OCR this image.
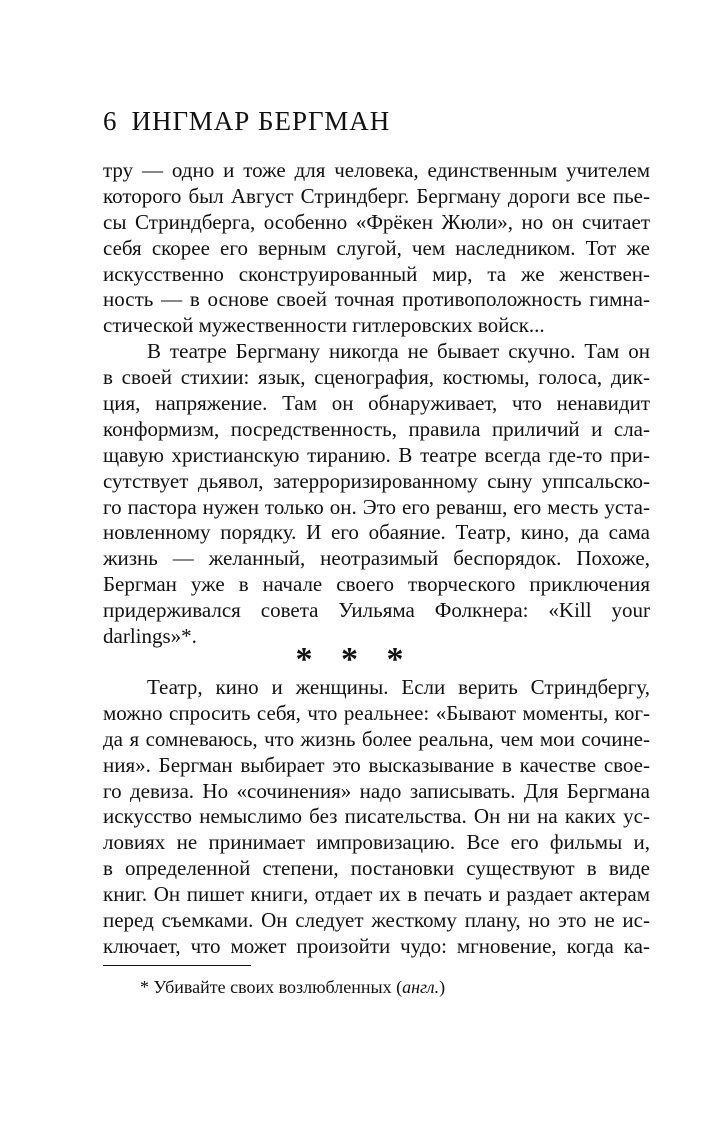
6 ИНГМАР БЕРГМАН
тру — одно и тоже для человека, единственным учителем
которого был Август Стриндберг. Бергману дороги все пье-
сы Стриндберга, особенно «Фрёкен Жюли», но он считает
себя скорее его верным слугой, чем наследником. Тот же
искусственно сконструированный мир, та же женствен-
ность — в основе своей точная противоположность гимна-
стической мужественности гитлеровских войск...
В театре Бергману никогда не бывает скучно. Там он
в своей стихии: язык, сценография, костюмы, голоса, дик-
ция, напряжение. Там он обнаруживает, что ненавидит
конформизм, посредственность, правила приличий и сла-
щавую христианскую тиранию. В театре всегда где-то при-
сутствует дьявол, затерроризированному сыну уппсальско-
го пастора нужен только он. Это его реванш, его месть уста-
новленному порядку. И его обаяние. Театр, кино, да сама
жизнь — желанный, неотразимый беспорядок. Похоже,
Бергман уже в начале своего творческого приключения
придерживался совета Уильяма Фолкнера: «Kill your
darlings»*.
* * *
Театр, кино и женщины. Если верить Стриндбергу,
можно спросить себя, что реальнее: «Бывают моменты, ког-
да я сомневаюсь, что жизнь более реальна, чем мои сочине-
ния». Бергман выбирает это высказывание в качестве свое-
го девиза. Но «сочинения» надо записывать. Для Бергмана
искусство немыслимо без писательства. Он ни на каких ус-
ловиях не принимает импровизацию. Все его фильмы и,
в определенной степени, постановки существуют в виде
книг. Он пишет книги, отдает их в печать и раздает актерам
перед съемками. Он следует жесткому плану, но это не ис-
ключает, что может произойти чудо: мгновение, когда ка-
* Убивайте своих возлюбленных (англ.)
